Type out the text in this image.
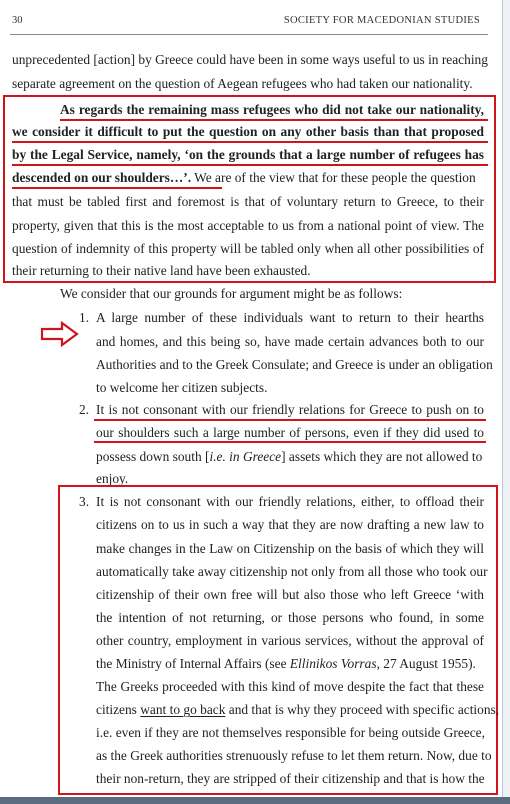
30	SOCIETY FOR MACEDONIAN STUDIES
unprecedented [action] by Greece could have been in some ways useful to us in reaching
separate agreement on the question of Aegean refugees who had taken our nationality.
As regards the remaining mass refugees who did not take our nationality,
we consider it difficult to put the question on any other basis than that proposed
by the Legal Service, namely, ‘on the grounds that a large number of refugees has
descended on our shoulders…’. We are of the view that for these people the question
that must be tabled first and foremost is that of voluntary return to Greece, to their
property, given that this is the most acceptable to us from a national point of view. The
question of indemnity of this property will be tabled only when all other possibilities of
their returning to their native land have been exhausted.
We consider that our grounds for argument might be as follows:
1. A large number of these individuals want to return to their hearths
and homes, and this being so, have made certain advances both to our
Authorities and to the Greek Consulate; and Greece is under an obligation
to welcome her citizen subjects.
2. It is not consonant with our friendly relations for Greece to push on to
our shoulders such a large number of persons, even if they did used to
possess down south [i.e. in Greece] assets which they are not allowed to
enjoy.
3. It is not consonant with our friendly relations, either, to offload their
citizens on to us in such a way that they are now drafting a new law to
make changes in the Law on Citizenship on the basis of which they will
automatically take away citizenship not only from all those who took our
citizenship of their own free will but also those who left Greece ‘with
the intention of not returning, or those persons who found, in some
other country, employment in various services, without the approval of
the Ministry of Internal Affairs (see Ellinikos Vorras, 27 August 1955).
The Greeks proceeded with this kind of move despite the fact that these
citizens want to go back and that is why they proceed with specific actions,
i.e. even if they are not themselves responsible for being outside Greece,
as the Greek authorities strenuously refuse to let them return. Now, due to
their non-return, they are stripped of their citizenship and that is how the
